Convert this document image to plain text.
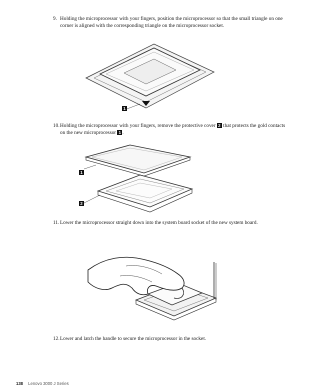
9. Holding the microprocessor with your fingers, position the microprocessor so that the small triangle on one corner is aligned with the corresponding triangle on the microprocessor socket.
1
10. Holding the microprocessor with your fingers, remove the protective cover 2 that protects the gold contacts on the new microprocessor 1.
1
2
11. Lower the microprocessor straight down into the system board socket of the new system board.
12. Lower and latch the handle to secure the microprocessor in the socket.
138 Lenovo 3000 J Series
